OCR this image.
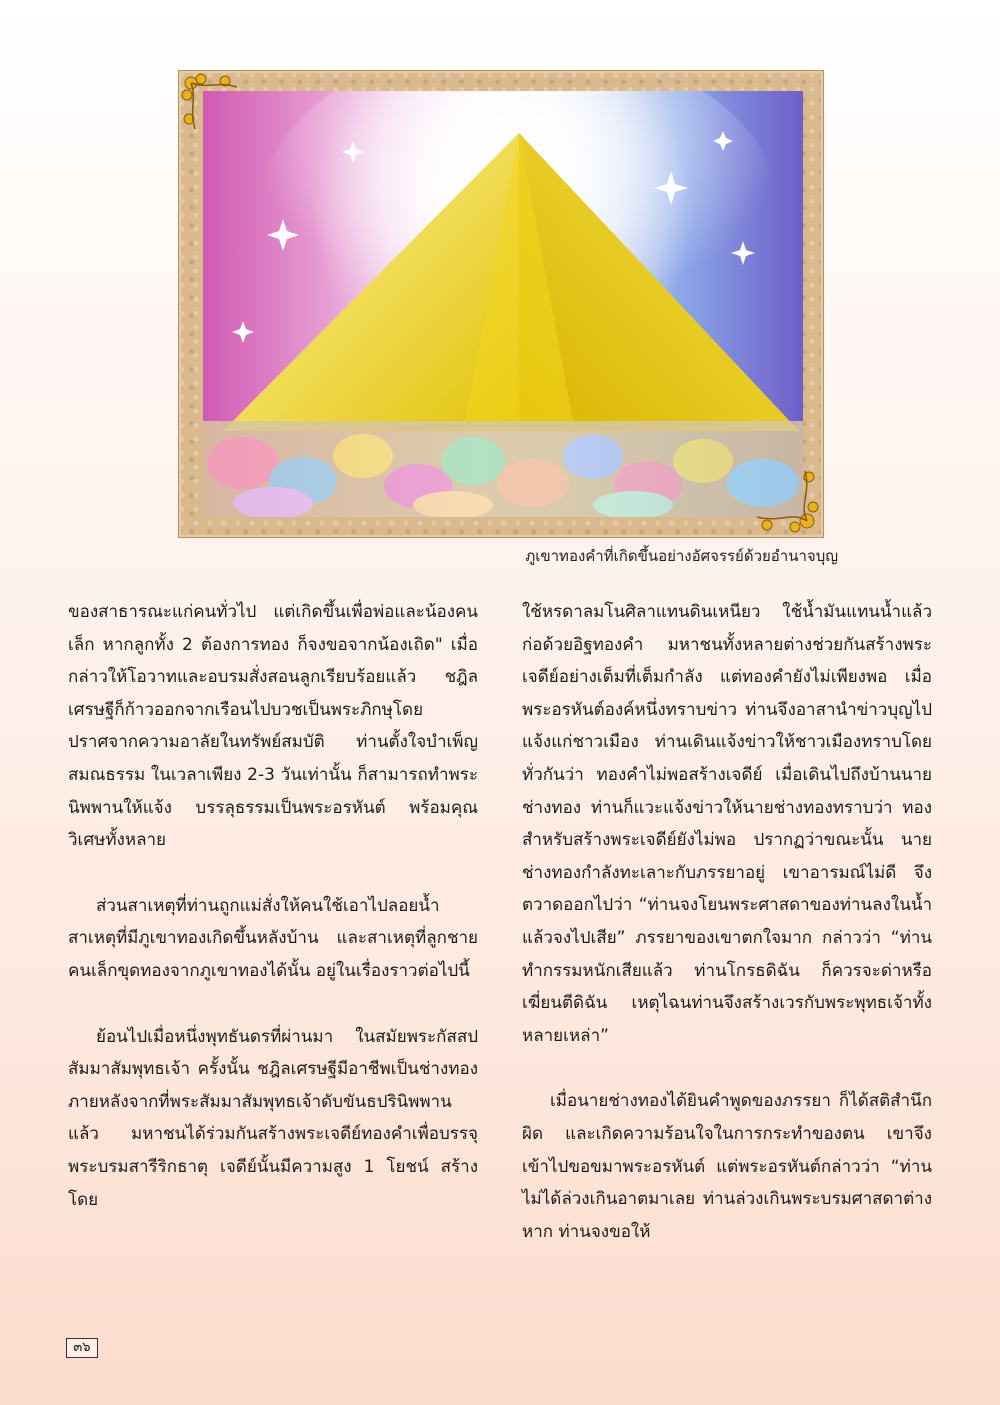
ภูเขาทองคำที่เกิดขึ้นอย่างอัศจรรย์ด้วยอำนาจบุญ

ของสาธารณะแก่คนทั่วไป แต่เกิดขึ้นเพื่อพ่อและน้องคนเล็ก หากลูกทั้ง 2 ต้องการทอง ก็จงขอจากน้องเถิด" เมื่อกล่าวให้โอวาทและอบรมสั่งสอนลูกเรียบร้อยแล้ว ชฎิลเศรษฐีก็ก้าวออกจากเรือนไปบวชเป็นพระภิกษุโดยปราศจากความอาลัยในทรัพย์สมบัติ ท่านตั้งใจบำเพ็ญสมณธรรม ในเวลาเพียง 2-3 วันเท่านั้น ก็สามารถทำพระนิพพานให้แจ้ง บรรลุธรรมเป็นพระอรหันต์ พร้อมคุณวิเศษทั้งหลาย

ส่วนสาเหตุที่ท่านถูกแม่สั่งให้คนใช้เอาไปลอยน้ำ สาเหตุที่มีภูเขาทองเกิดขึ้นหลังบ้าน และสาเหตุที่ลูกชายคนเล็กขุดทองจากภูเขาทองได้นั้น อยู่ในเรื่องราวต่อไปนี้

ย้อนไปเมื่อหนึ่งพุทธันดรที่ผ่านมา ในสมัยพระกัสสปสัมมาสัมพุทธเจ้า ครั้งนั้น ชฎิลเศรษฐีมีอาชีพเป็นช่างทอง ภายหลังจากที่พระสัมมาสัมพุทธเจ้าดับขันธปรินิพพานแล้ว มหาชนได้ร่วมกันสร้างพระเจดีย์ทองคำเพื่อบรรจุพระบรมสารีริกธาตุ เจดีย์นั้นมีความสูง 1 โยชน์ สร้างโดย

ใช้หรดาลมโนศิลาแทนดินเหนียว ใช้น้ำมันแทนน้ำแล้วก่อด้วยอิฐทองคำ มหาชนทั้งหลายต่างช่วยกันสร้างพระเจดีย์อย่างเต็มที่เต็มกำลัง แต่ทองคำยังไม่เพียงพอ เมื่อพระอรหันต์องค์หนึ่งทราบข่าว ท่านจึงอาสานำข่าวบุญไปแจ้งแก่ชาวเมือง ท่านเดินแจ้งข่าวให้ชาวเมืองทราบโดยทั่วกันว่า ทองคำไม่พอสร้างเจดีย์ เมื่อเดินไปถึงบ้านนายช่างทอง ท่านก็แวะแจ้งข่าวให้นายช่างทองทราบว่า ทองสำหรับสร้างพระเจดีย์ยังไม่พอ ปรากฏว่าขณะนั้น นายช่างทองกำลังทะเลาะกับภรรยาอยู่ เขาอารมณ์ไม่ดี จึงตวาดออกไปว่า “ท่านจงโยนพระศาสดาของท่านลงในน้ำ แล้วจงไปเสีย” ภรรยาของเขาตกใจมาก กล่าวว่า “ท่านทำกรรมหนักเสียแล้ว ท่านโกรธดิฉัน ก็ควรจะด่าหรือเฆี่ยนตีดิฉัน เหตุไฉนท่านจึงสร้างเวรกับพระพุทธเจ้าทั้งหลายเหล่า”

เมื่อนายช่างทองได้ยินคำพูดของภรรยา ก็ได้สติสำนึกผิด และเกิดความร้อนใจในการกระทำของตน เขาจึงเข้าไปขอขมาพระอรหันต์ แต่พระอรหันต์กล่าวว่า “ท่านไม่ได้ล่วงเกินอาตมาเลย ท่านล่วงเกินพระบรมศาสดาต่างหาก ท่านจงขอให้

๓๖
